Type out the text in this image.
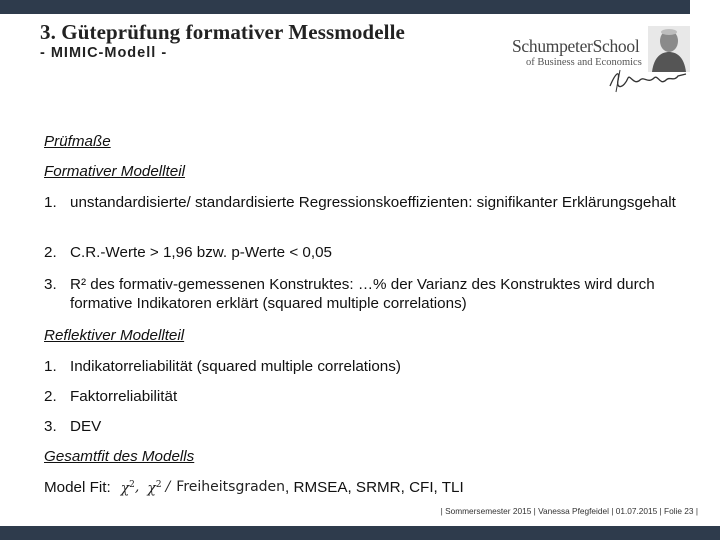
3. Güteprüfung formativer Messmodelle
- MIMIC-Modell -	SchumpeterSchool
of Business and Economics
Prüfmaße
Formativer Modellteil
1. unstandardisierte/ standardisierte Regressionskoeffizienten: signifikanter Erklärungsgehalt
2. C.R.-Werte > 1,96 bzw. p-Werte < 0,05
3. R² des formativ-gemessenen Konstruktes: …% der Varianz des Konstruktes wird durch formative Indikatoren erklärt (squared multiple correlations)
Reflektiver Modellteil
1. Indikatorreliabilität (squared multiple correlations)
2. Faktorreliabilität
3. DEV
Gesamtfit des Modells
Model Fit: $\chi^2$ , $\chi^2$ / Freiheitsgraden , RMSEA, SRMR, CFI, TLI
| Sommersemester 2015 | Vanessa Pfegfeidel | 01.07.2015 | Folie 23 |
